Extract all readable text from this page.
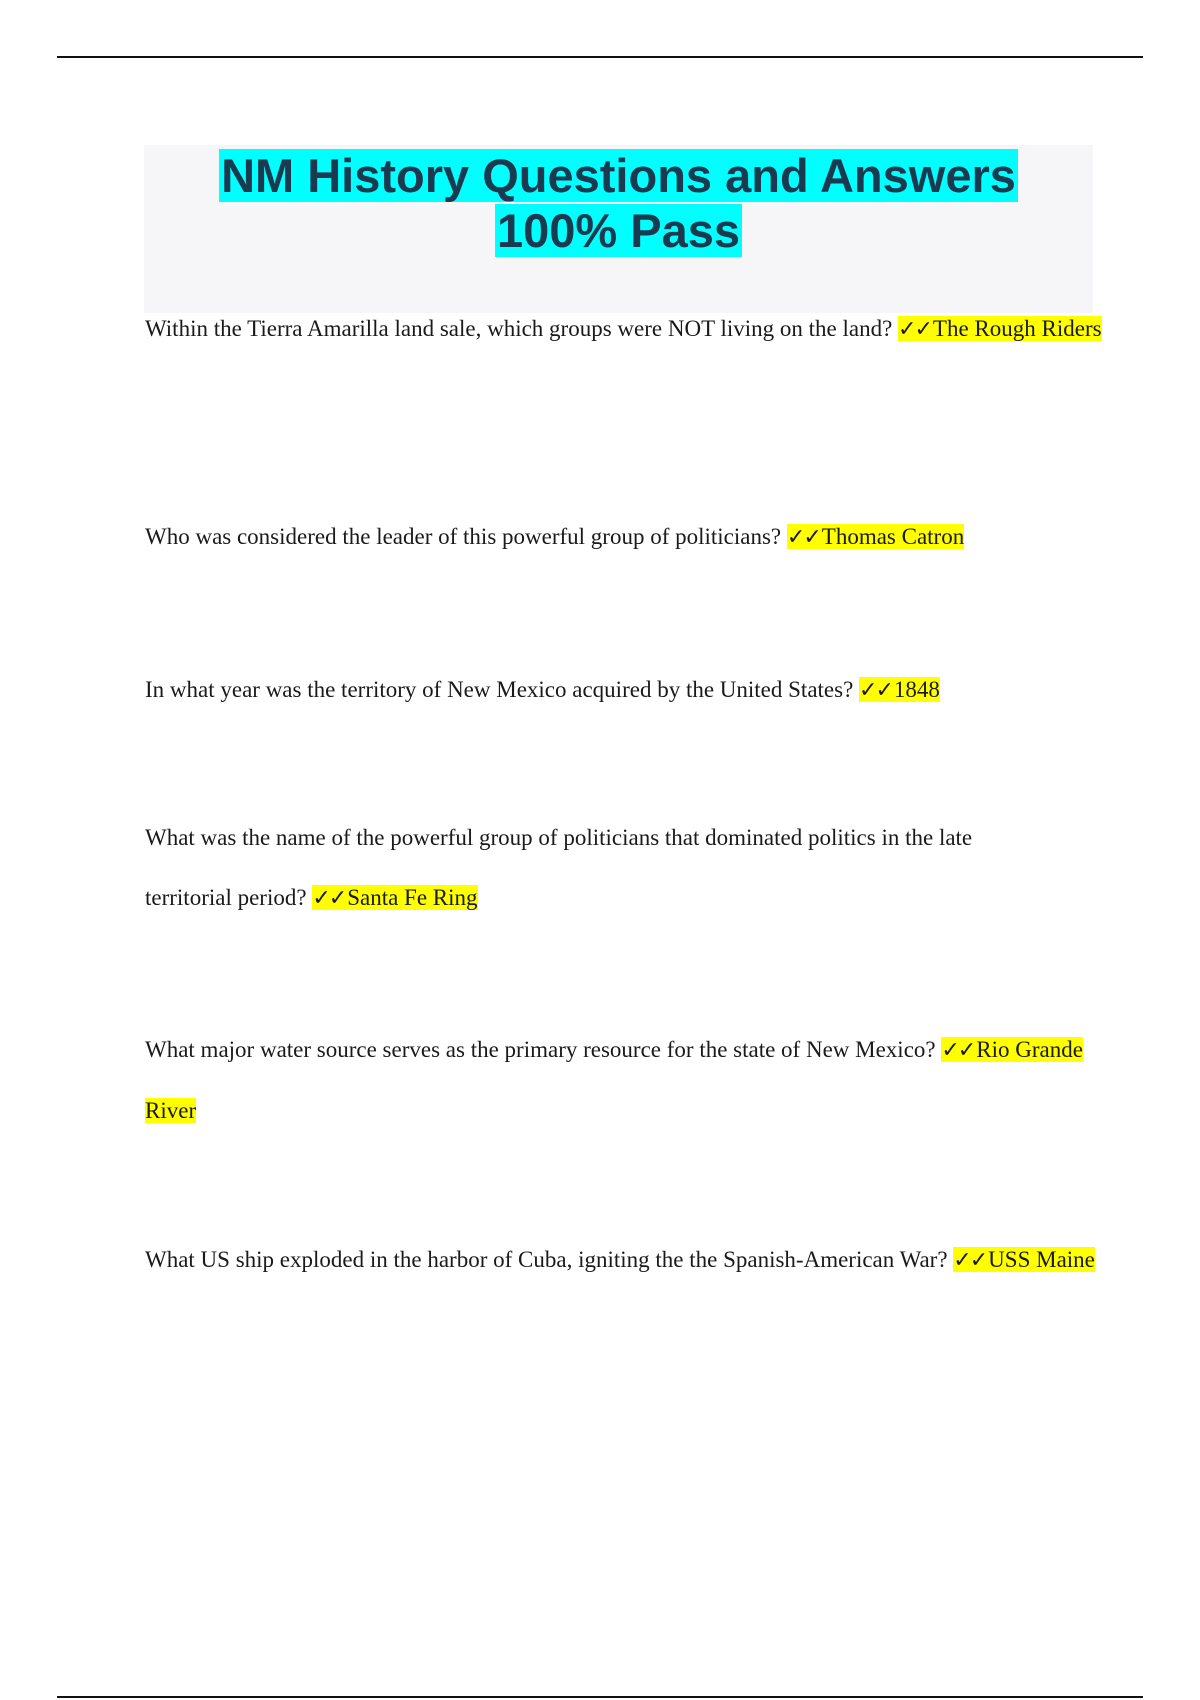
NM History Questions and Answers
100% Pass

Within the Tierra Amarilla land sale, which groups were NOT living on the land? ✓✓The Rough Riders

Who was considered the leader of this powerful group of politicians? ✓✓Thomas Catron

In what year was the territory of New Mexico acquired by the United States? ✓✓1848

What was the name of the powerful group of politicians that dominated politics in the late territorial period? ✓✓Santa Fe Ring

What major water source serves as the primary resource for the state of New Mexico? ✓✓Rio Grande River

What US ship exploded in the harbor of Cuba, igniting the the Spanish-American War? ✓✓USS Maine
